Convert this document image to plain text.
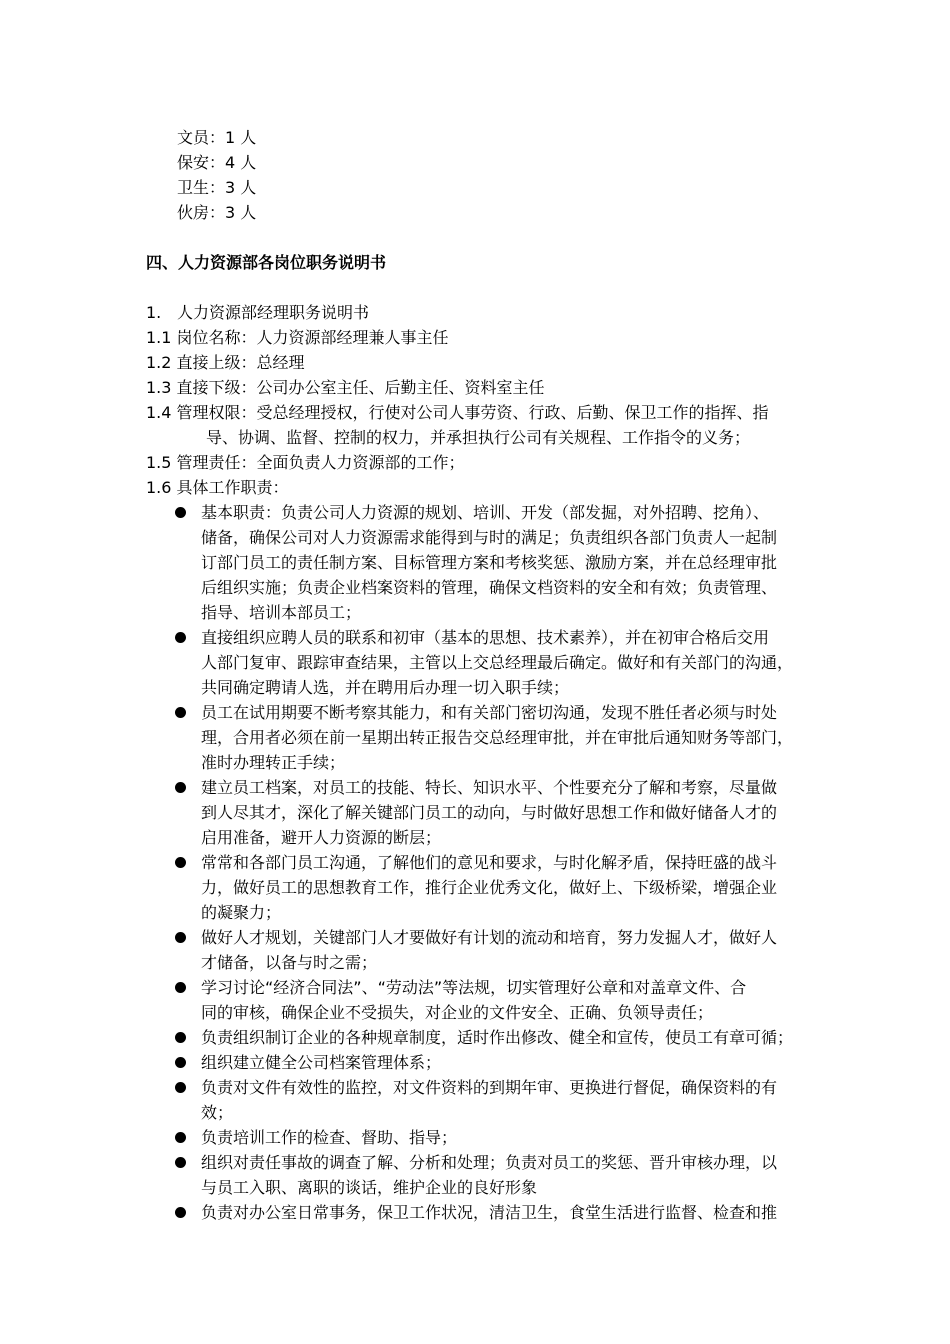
文员：1 人
保安：4 人
卫生：3 人
伙房：3 人
四、人力资源部各岗位职务说明书
1. 人力资源部经理职务说明书
1.1 岗位名称：人力资源部经理兼人事主任
1.2 直接上级：总经理
1.3 直接下级：公司办公室主任、后勤主任、资料室主任
1.4 管理权限：受总经理授权，行使对公司人事劳资、行政、后勤、保卫工作的指挥、指
导、协调、监督、控制的权力，并承担执行公司有关规程、工作指令的义务；
1.5 管理责任：全面负责人力资源部的工作；
1.6 具体工作职责：
基本职责：负责公司人力资源的规划、培训、开发（部发掘，对外招聘、挖角）、
储备，确保公司对人力资源需求能得到与时的满足；负责组织各部门负责人一起制
订部门员工的责任制方案、目标管理方案和考核奖惩、激励方案，并在总经理审批
后组织实施；负责企业档案资料的管理，确保文档资料的安全和有效；负责管理、
指导、培训本部员工；
直接组织应聘人员的联系和初审（基本的思想、技术素养），并在初审合格后交用
人部门复审、跟踪审查结果，主管以上交总经理最后确定。做好和有关部门的沟通，
共同确定聘请人选，并在聘用后办理一切入职手续；
员工在试用期要不断考察其能力，和有关部门密切沟通，发现不胜任者必须与时处
理，合用者必须在前一星期出转正报告交总经理审批，并在审批后通知财务等部门，
准时办理转正手续；
建立员工档案，对员工的技能、特长、知识水平、个性要充分了解和考察，尽量做
到人尽其才，深化了解关键部门员工的动向，与时做好思想工作和做好储备人才的
启用准备，避开人力资源的断层；
常常和各部门员工沟通，了解他们的意见和要求，与时化解矛盾，保持旺盛的战斗
力，做好员工的思想教育工作，推行企业优秀文化，做好上、下级桥梁，增强企业
的凝聚力；
做好人才规划，关键部门人才要做好有计划的流动和培育，努力发掘人才，做好人
才储备，以备与时之需；
学习讨论“经济合同法”、“劳动法”等法规，切实管理好公章和对盖章文件、合
同的审核，确保企业不受损失，对企业的文件安全、正确、负领导责任；
负责组织制订企业的各种规章制度，适时作出修改、健全和宣传，使员工有章可循；
组织建立健全公司档案管理体系；
负责对文件有效性的监控，对文件资料的到期年审、更换进行督促，确保资料的有
效；
负责培训工作的检查、督助、指导；
组织对责任事故的调查了解、分析和处理；负责对员工的奖惩、晋升审核办理，以
与员工入职、离职的谈话，维护企业的良好形象
负责对办公室日常事务，保卫工作状况，清洁卫生，食堂生活进行监督、检查和推
